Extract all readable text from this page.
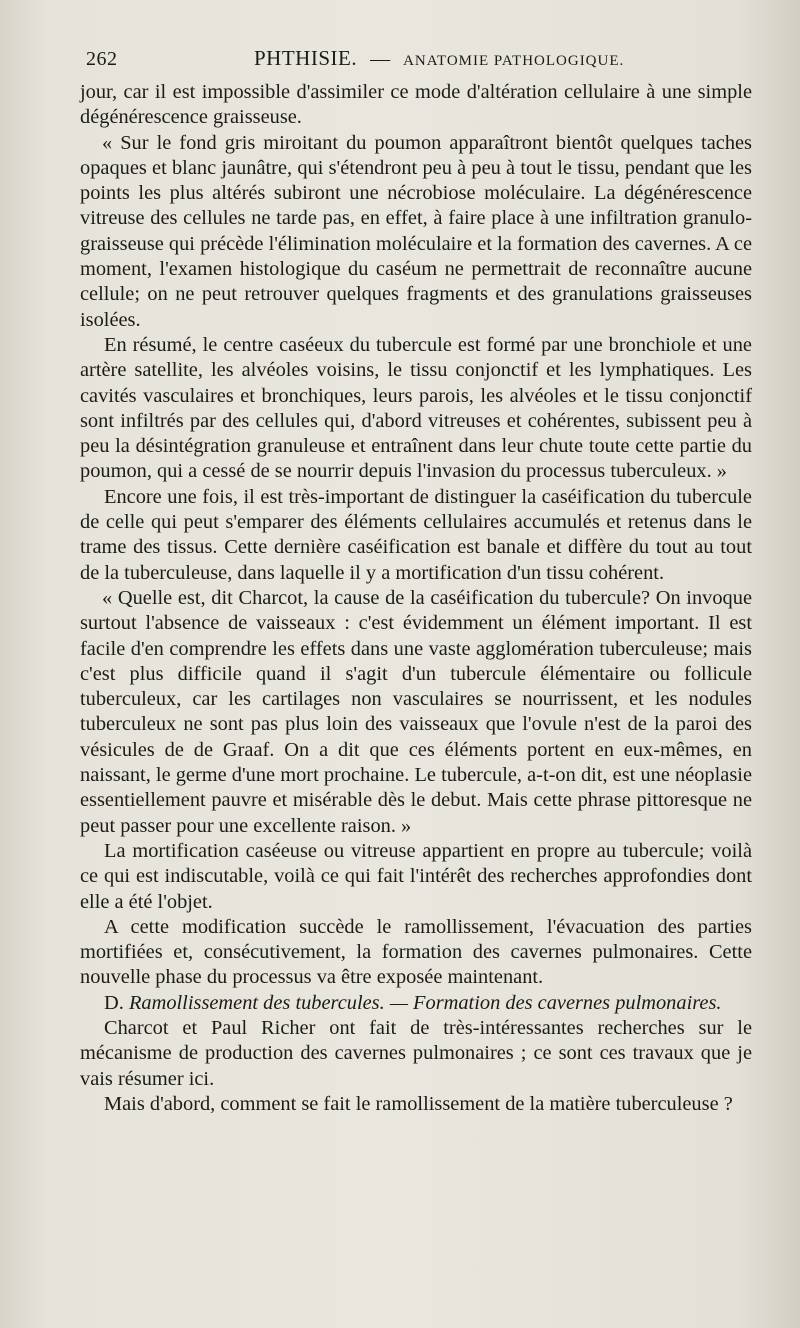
262	PHTHISIE. — ANATOMIE PATHOLOGIQUE.

jour, car il est impossible d'assimiler ce mode d'altération cellulaire à une simple dégénérescence graisseuse.

« Sur le fond gris miroitant du poumon apparaîtront bientôt quelques taches opaques et blanc jaunâtre, qui s'étendront peu à peu à tout le tissu, pendant que les points les plus altérés subiront une nécrobiose moléculaire. La dégénérescence vitreuse des cellules ne tarde pas, en effet, à faire place à une infiltration granulo-graisseuse qui précède l'élimination moléculaire et la formation des cavernes. A ce moment, l'examen histologique du caséum ne permettrait de reconnaître aucune cellule; on ne peut retrouver quelques fragments et des granulations graisseuses isolées.

En résumé, le centre caséeux du tubercule est formé par une bronchiole et une artère satellite, les alvéoles voisins, le tissu conjonctif et les lymphatiques. Les cavités vasculaires et bronchiques, leurs parois, les alvéoles et le tissu conjonctif sont infiltrés par des cellules qui, d'abord vitreuses et cohérentes, subissent peu à peu la désintégration granuleuse et entraînent dans leur chute toute cette partie du poumon, qui a cessé de se nourrir depuis l'invasion du processus tuberculeux. »

Encore une fois, il est très-important de distinguer la caséification du tubercule de celle qui peut s'emparer des éléments cellulaires accumulés et retenus dans le trame des tissus. Cette dernière caséification est banale et diffère du tout au tout de la tuberculeuse, dans laquelle il y a mortification d'un tissu cohérent.

« Quelle est, dit Charcot, la cause de la caséification du tubercule? On invoque surtout l'absence de vaisseaux : c'est évidemment un élément important. Il est facile d'en comprendre les effets dans une vaste agglomération tuberculeuse; mais c'est plus difficile quand il s'agit d'un tubercule élémentaire ou follicule tuberculeux, car les cartilages non vasculaires se nourrissent, et les nodules tuberculeux ne sont pas plus loin des vaisseaux que l'ovule n'est de la paroi des vésicules de de Graaf. On a dit que ces éléments portent en eux-mêmes, en naissant, le germe d'une mort prochaine. Le tubercule, a-t-on dit, est une néoplasie essentiellement pauvre et misérable dès le debut. Mais cette phrase pittoresque ne peut passer pour une excellente raison. »

La mortification caséeuse ou vitreuse appartient en propre au tubercule; voilà ce qui est indiscutable, voilà ce qui fait l'intérêt des recherches approfondies dont elle a été l'objet.

A cette modification succède le ramollissement, l'évacuation des parties mortifiées et, consécutivement, la formation des cavernes pulmonaires. Cette nouvelle phase du processus va être exposée maintenant.

D. Ramollissement des tubercules. — Formation des cavernes pulmonaires.

Charcot et Paul Richer ont fait de très-intéressantes recherches sur le mécanisme de production des cavernes pulmonaires ; ce sont ces travaux que je vais résumer ici.

Mais d'abord, comment se fait le ramollissement de la matière tuberculeuse ?
